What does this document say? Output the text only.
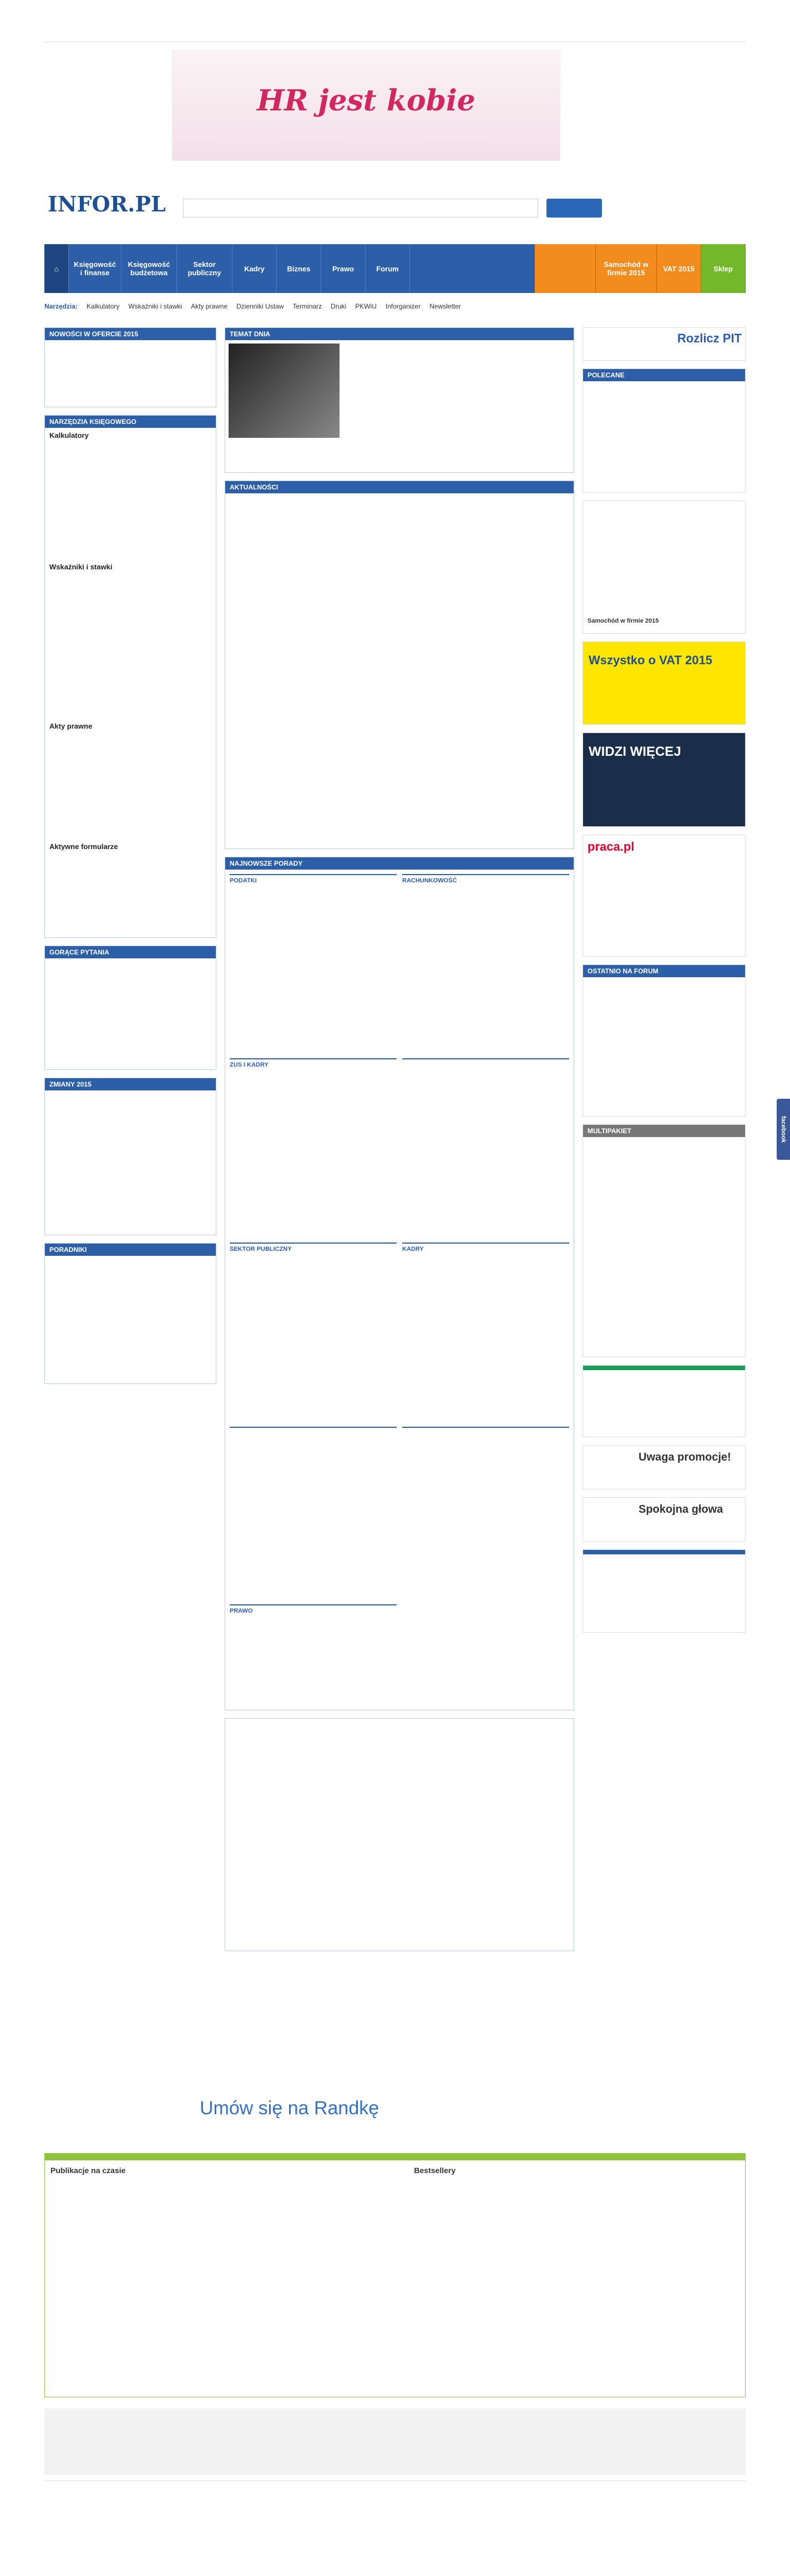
HR jest kobie
INFOR.PL
⌂	Księgowość i finanse
Księgowość budżetowa
Sektor publiczny	Kadry	Biznes	Prawo	Forum	Samochód w firmie 2015	VAT 2015	Sklep
Narzędzia: Kalkulatory Wskaźniki i stawki Akty prawne Dzienniki Ustaw Terminarz Druki PKWiU Inforganizer Newsletter
NOWOŚCI W OFERCIE 2015
NARZĘDZIA KSIĘGOWEGO
Kalkulatory
Wskaźniki i stawki
Akty prawne
Aktywne formularze
GORĄCE PYTANIA
ZMIANY 2015
PORADNIKI
TEMAT DNIA
AKTUALNOŚCI
NAJNOWSZE PORADY
PODATKI	RACHUNKOWOŚĆ
ZUS I KADRY
SEKTOR PUBLICZNY	KADRY
PRAWO
Rozlicz PIT
POLECANE
Samochód w firmie 2015
Wszystko o VAT 2015
WIDZI WIĘCEJ
praca.pl
OSTATNIO NA FORUM
MULTIPAKIET
Uwaga promocje!
Spokojna głowa
facebook
Umów się na Randkę
Publikacje na czasie	Bestsellery
